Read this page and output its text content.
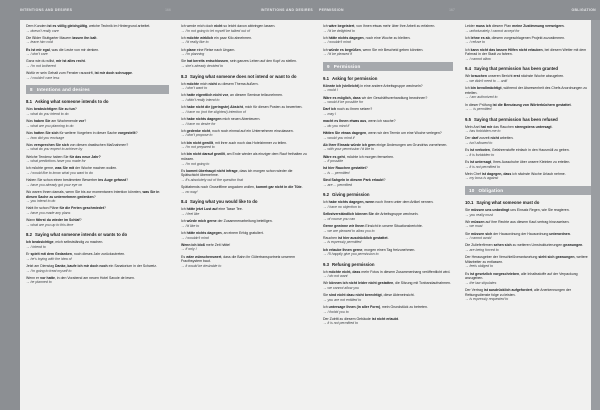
INTENTIONS AND DESIRES	166	INTENTIONS AND DESIRES PERMISSION	167	OBLIGATION
Dem Kunden ist es völlig gleichgültig, welche Technik im Hintergrund arbeitet.
→ doesn't really care
Die Bilder Stuttgarter Mauern lassen ihn kalt.
→ leave him cold
Es ist mir egal, was die Leute von mir denken.
→ I don't care
Ganz wie du willst, mir ist alles recht.
→ I'm not bothered
Wofür er sein Gehalt zum Fenster rauswirft, ist mir doch schnuppe.
→ I couldn't care less
8 Intentions and desires
8.1 Asking what someone intends to do
Was beabsichtigen Sie zu tun?
→ what do you intend to do
Was haben Sie am Wochenende vor?
→ what are you planning to do
Was hatten Sie sich für weitere Vorgehen in dieser Sache vorgestellt?
→ how did you envisage
Was versprechen Sie sich von diesen drastischen Maßnahmen?
→ what do you expect to achieve by
Welche Tendenz haben Sie für das neue Jahr?
→ what predictions have you made for
Ich möchte gerne, was Sie mit der Woche machen wollen.
→ I would like to know what you want to do
Haben Sie schon einen bestimmten Bewerber ins Auge gefasst?
→ have you already got your eye on
Wo waren Ihnen damals, wenn Sie bis zur momentanen Intention könnten, was Sie in diesen Sache zu unternehmen gedenken?
→ you intend to do
Habt ihr schon Pläne für die Ferien geschmiedet?
→ have you made any plans
Wann fährst du wieder im Schlaf?
→ what are you up to this time
8.2 Saying what someone intends or wants to do
Ich beabsichtige, mich selbstständig zu machen.
→ I intend to
Er spielt mit dem Gedanken, noch dieses Jahr zurückzutreten.
→ he's toying with the idea of
Jetzt am Dienstag Danke, kaufe ich mir doch noch ein Sanatorium in der Schweiz.
→ I'm going to treat myself to
Wenn er vor hatte, in den Vorabend am neuen Hotel Savoie de lesen.
→ he planned to
Ich werde mich doch nicht so leicht davon abbringen lassen.
→ I'm not going to let myself be talked out of
Ich möchte wirklich ein paar Kilo abnehmen.
→ I'd really like to
Ich plane eine Reise nach Ungarn.
→ I'm planning
Sie hat bereits entschlossen, sein ganzes Leben auf den Kopf zu stellen.
→ she's already decided to
8.3 Saying what someone does not intend or want to do
Ich möchte mich nicht zu diesem Thema äußern.
→ I don't want to
Ich hatte eigentlich nicht vor, an diesem Seminar teilzunehmen.
→ I didn't really intend to
Ich habe nicht die (geringste) Absicht, mich für diesen Posten zu bewerben.
→ I have no (not the slightest) intention of
Ich habe nichts dagegen mich neuen Abenteuern.
→ I have no desire for
Ich gedenke nicht, noch noch einmal auf ein Unternehmen einzulassen.
→ I don't propose to
Ich bin nicht gewillt, mit ihrer auch noch das Hotelzimmer zu teilen.
→ I'm not prepared to
Ich bin nicht darauf gewillt, am Ende wieder als einziger dem Rauf freihalten zu müssen.
→ I'm not going to
Es kommt überhaupt nicht infrage, dass ich morgen schon wieder die Spätschicht übernehme.
→ it's absolutely out of the question that
Spätabends noch Gruselfilme angucken wollen, kommt gar nicht in die Tüte.
→ no way!
8.4 Saying what you would like to do
Ich hätte jetzt Lust auf eine Tasse Tee.
→ I feel like
Ich würde mich gerne der Zusammenarbeitung beteiligen.
→ I'd like to
Ich hätte nichts dagegen, an einem Erfolg gratuliert.
→ I wouldn't mind
Wenn ich bloß mehr Zeit hätte!
→ if only I
Es wäre wünschenswert, dass die Bahn ihr Gütertransportnetz unserem Fracthsystem baut.
→ it would be desirable to
Ich wäre begeistert, von Ihnen etwas mehr über Ihre Arbeit zu erfahren.
→ I'd be delighted to
Ich hätte nichts dagegen, noch eine Woche zu bleiben.
→ I wouldn't mind
Ich würde es begrüßen, wenn Sie mir Bescheid geben könnten.
→ I'd be pleased if
9 Permission
9.1 Asking for permission
Könnte ich (vielleicht) in eine andere Arbeitsgruppe wechseln?
→ could I
Wäre es möglich, dass wir der Geschäftsverhandlung bewohnen?
→ would it be possible for
Darf ich noch zu Ihnen setzen?
→ may I
macht es Ihnen etwas aus, wenn ich rauche?
→ do you mind if
Hätten Sie etwas dagegen, wenn wir den Termin um eine Woche verlegen?
→ would you mind if
Ab Ihrer Einsatz würde ich gern einige Änderungen am Grundriss vornehmen.
→ with your permission I'd like to
Wäre es geht, möchte ich morgen fernsehen.
→ if possible
Ist hier Rauchen gestattet?
→ is ... permitted
Sind Sahgeln in diesem Park erlaubt?
→ are ... permitted
9.2 Giving permission
Ich habe nichts dagegen, wenn noch Ihnen unter dem Artikel nennen.
→ I have no objection to
Selbstverständlich können Sie die Arbeitsgruppe wechseln.
→ of course you can
Gerne gewinne wir Ihnen Einsicht in unsere Situationsberichte.
→ we are pleased to allow you to
Rauchen ist hier ausdrücklich gestattet.
→ is expressly permitted
Ich erlaube Ihnen gerne, morgen einen Tag freizunehmen.
→ I'll happily give you permission to
9.3 Refusing permission
Ich möchte nicht, dass mehr Fotos in diesem Zusammenhang veröffentlicht wird.
→ I do not want
Wir können ich nicht leider nicht gestatten, die Sitzung mit Tonbandaufnahmen.
→ we cannot allow you
Sie sind nicht dazu nicht berechtigt, diese Akteneinsicht.
→ you are not entitled to
Ich untersage Ihnen (in aller Form), mein Grundstück zu betreten.
→ I forbid you to
Der Zutritt zu diesem Gebäude ist nicht erlaubt.
→ it is not permitted to
Leider muss ich diesem Plan meine Zustimmung verweigern.
→ unfortunately I cannot accept for
Ich lehne es ab, diesem vorgeschlagenen Projekt zuzustimmen.
→ I refuse to
Ich kann nicht das lassen Hilfen nicht erlauben, bei diesem Wetter mit dem Fahrrad in der Stadt zu fahren.
→ I cannot allow
9.4 Saying that permission has been granted
Wir brauchen unseren Bericht erst nächste Woche abzugeben.
→ we didn't need to ... until
Ich bin bevollmächtigt, während der Abwesenheit des Chefs Anordnungen zu erteilen.
→ I am authorized to
In dieser Prüfung ist die Benutzung von Wörterbüchern gestattet.
→ ... is permitted
9.5 Saying that permission has been refused
Mein Arzt hat mir das Rauchen strengstens untersagt.
→ has forbidden me to
Der darf zurzeit nicht arbeiten.
→ isn't allowed to
Es ist verboten, Gefahrenstoffe einfach in den Hausmüll zu geben.
→ it is forbidden to
Es ist untersagt, Ihres Ausschuhe über unsere Kleinten zu erteilen.
→ it is not permitted to
Mein Chef ist dagegen, dass ich nächste Woche Urlaub nehme.
→ my boss is against
10 Obligation
10.1 Saying what someone must do
Sie müssen uns unbedingt uns Einsatz Regen, wie Sie reagieren.
→ you really must
Wir müssen auf ihre Rechte aus diesem Kauf-vertrag hinzuweisen.
→ we must
Sie müssen sich der Hausordnung der Hausordnung unterordnen.
→ I cannot avoid
Die Zulieferfirmen sehen sich zu weiteren Umstrukturierungen gezwungen.
→ are being forced to
Der Herausgeber der Verschleißverantwortung sieht sich gezwungen, weitere Mitarbeiter zu entlassen.
→ feels obliged to
Es ist gesetzlich vorgeschrieben, alle Inhaltsstoffe auf der Verpackung anzugeben.
→ the law stipulates
Der Vertrag ist ausdrücklich aufgefordert, alle Anerkennungen der Rettungsdienste folge zu leisten.
→ is expressly requested to
